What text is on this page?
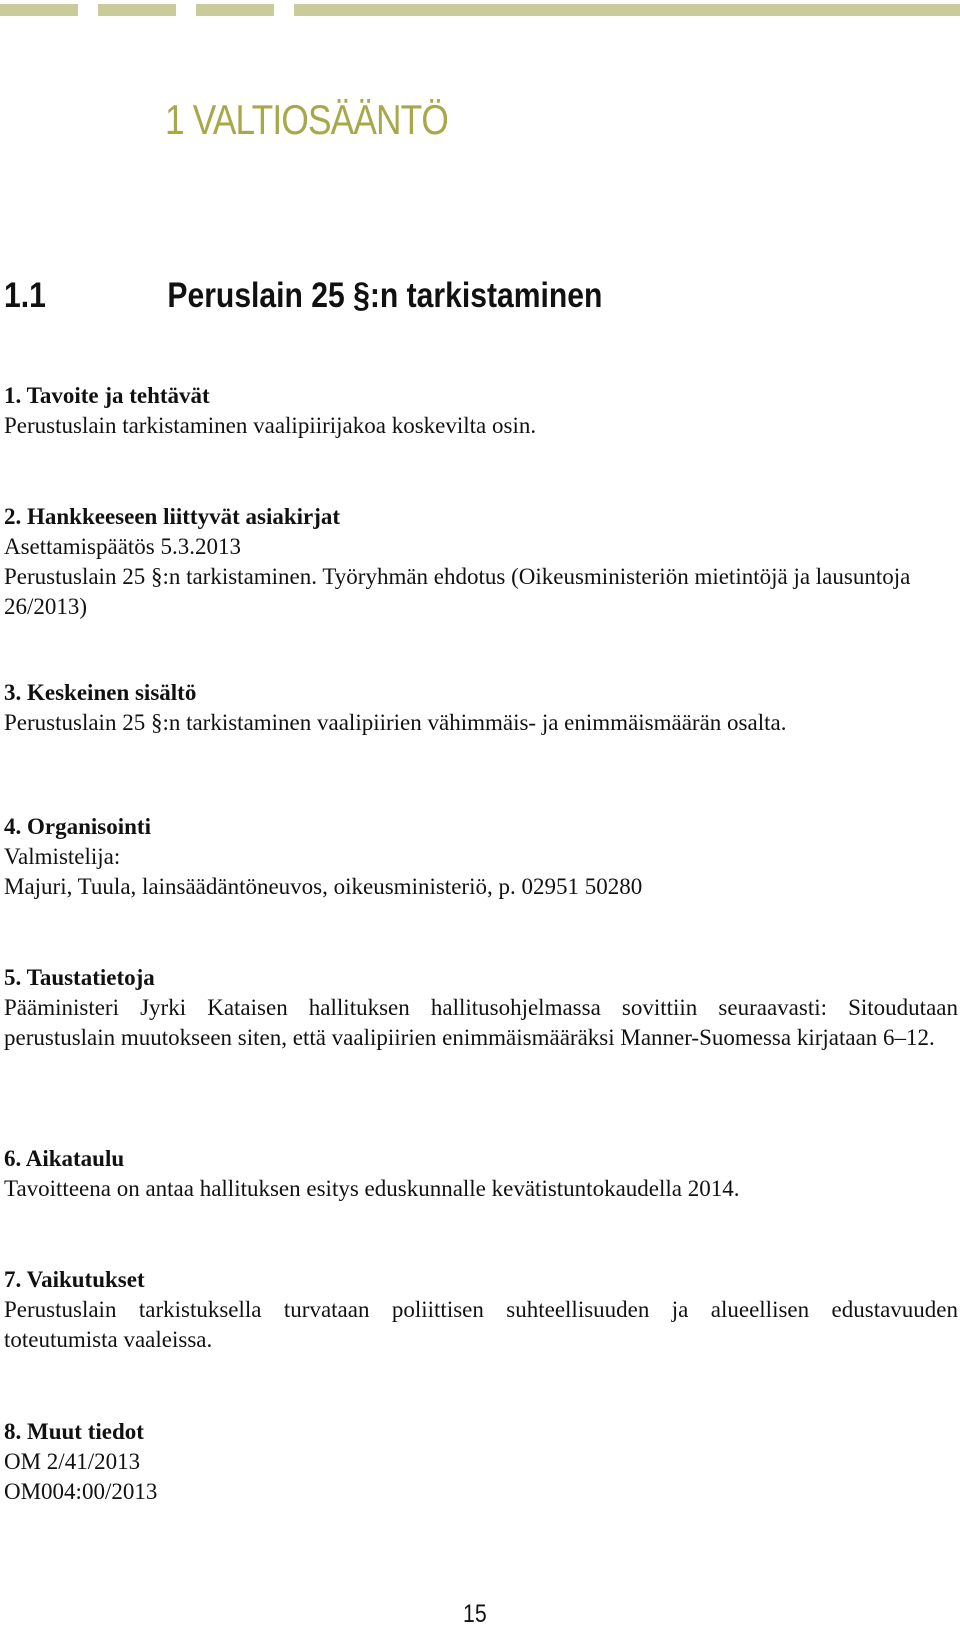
1 VALTIOSÄÄNTÖ
1.1	Peruslain 25 §:n tarkistaminen

1. Tavoite ja tehtävät

Perustuslain tarkistaminen vaalipiirijakoa koskevilta osin.

2. Hankkeeseen liittyvät asiakirjat

Asettamispäätös 5.3.2013

Perustuslain 25 §:n tarkistaminen. Työryhmän ehdotus (Oikeusministeriön mietintöjä ja lausuntoja 26/2013)

3. Keskeinen sisältö

Perustuslain 25 §:n tarkistaminen vaalipiirien vähimmäis- ja enimmäismäärän osalta.

4. Organisointi

Valmistelija:

Majuri, Tuula, lainsäädäntöneuvos, oikeusministeriö, p. 02951 50280

5. Taustatietoja

Pääministeri Jyrki Kataisen hallituksen hallitusohjelmassa sovittiin seuraavasti: Sitoudutaan perustuslain muutokseen siten, että vaalipiirien enimmäismääräksi Manner-Suomessa kirjataan 6–12.

6. Aikataulu

Tavoitteena on antaa hallituksen esitys eduskunnalle kevätistuntokaudella 2014.

7. Vaikutukset

Perustuslain tarkistuksella turvataan poliittisen suhteellisuuden ja alueellisen edustavuuden toteutumista vaaleissa.

8. Muut tiedot

OM 2/41/2013

OM004:00/2013

15
